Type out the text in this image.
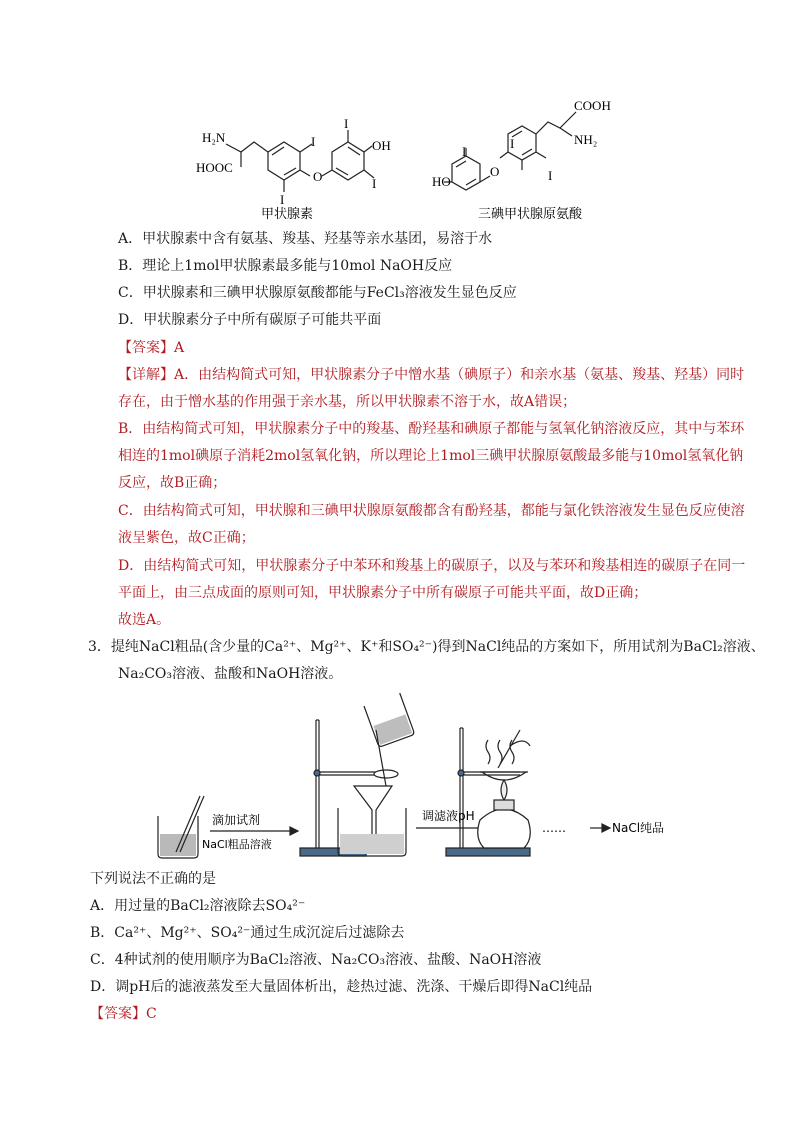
H₂N
HOOC
I
I
O
I
OH
I
甲状腺素
COOH
NH₂
I
I
HO
O	I
三碘甲状腺原氨酸
A．甲状腺素中含有氨基、羧基、羟基等亲水基团，易溶于水
B．理论上1mol甲状腺素最多能与10mol NaOH反应
C．甲状腺素和三碘甲状腺原氨酸都能与FeCl₃溶液发生显色反应
D．甲状腺素分子中所有碳原子可能共平面
【答案】A
【详解】A．由结构简式可知，甲状腺素分子中憎水基（碘原子）和亲水基（氨基、羧基、羟基）同时
存在，由于憎水基的作用强于亲水基，所以甲状腺素不溶于水，故A错误；
B．由结构简式可知，甲状腺素分子中的羧基、酚羟基和碘原子都能与氢氧化钠溶液反应，其中与苯环
相连的1mol碘原子消耗2mol氢氧化钠，所以理论上1mol三碘甲状腺原氨酸最多能与10mol氢氧化钠
反应，故B正确；
C．由结构简式可知，甲状腺和三碘甲状腺原氨酸都含有酚羟基，都能与氯化铁溶液发生显色反应使溶
液呈紫色，故C正确；
D．由结构简式可知，甲状腺素分子中苯环和羧基上的碳原子，以及与苯环和羧基相连的碳原子在同一
平面上，由三点成面的原则可知，甲状腺素分子中所有碳原子可能共平面，故D正确；
故选A。
3．提纯NaCl粗品(含少量的Ca²⁺、Mg²⁺、K⁺和SO₄²⁻)得到NaCl纯品的方案如下，所用试剂为BaCl₂溶液、
Na₂CO₃溶液、盐酸和NaOH溶液。
滴加试剂
NaCl粗品溶液
调滤液pH
……	NaCl纯品
下列说法不正确的是
A．用过量的BaCl₂溶液除去SO₄²⁻
B．Ca²⁺、Mg²⁺、SO₄²⁻通过生成沉淀后过滤除去
C．4种试剂的使用顺序为BaCl₂溶液、Na₂CO₃溶液、盐酸、NaOH溶液
D．调pH后的滤液蒸发至大量固体析出，趁热过滤、洗涤、干燥后即得NaCl纯品
【答案】C
